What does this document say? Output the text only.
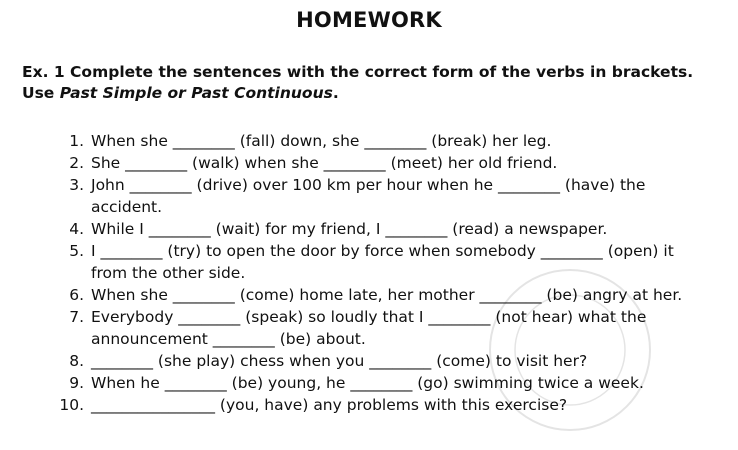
HOMEWORK
Ex. 1 Complete the sentences with the correct form of the verbs in brackets. Use Past Simple or Past Continuous.
1. When she ________ (fall) down, she ________ (break) her leg.
2. She ________ (walk) when she ________ (meet) her old friend.
3. John ________ (drive) over 100 km per hour when he ________ (have) the accident.
4. While I ________ (wait) for my friend, I ________ (read) a newspaper.
5. I ________ (try) to open the door by force when somebody ________ (open) it from the other side.
6. When she ________ (come) home late, her mother ________ (be) angry at her.
7. Everybody ________ (speak) so loudly that I ________ (not hear) what the announcement ________ (be) about.
8. ________ (she play) chess when you ________ (come) to visit her?
9. When he ________ (be) young, he ________ (go) swimming twice a week.
10. ________________ (you, have) any problems with this exercise?
